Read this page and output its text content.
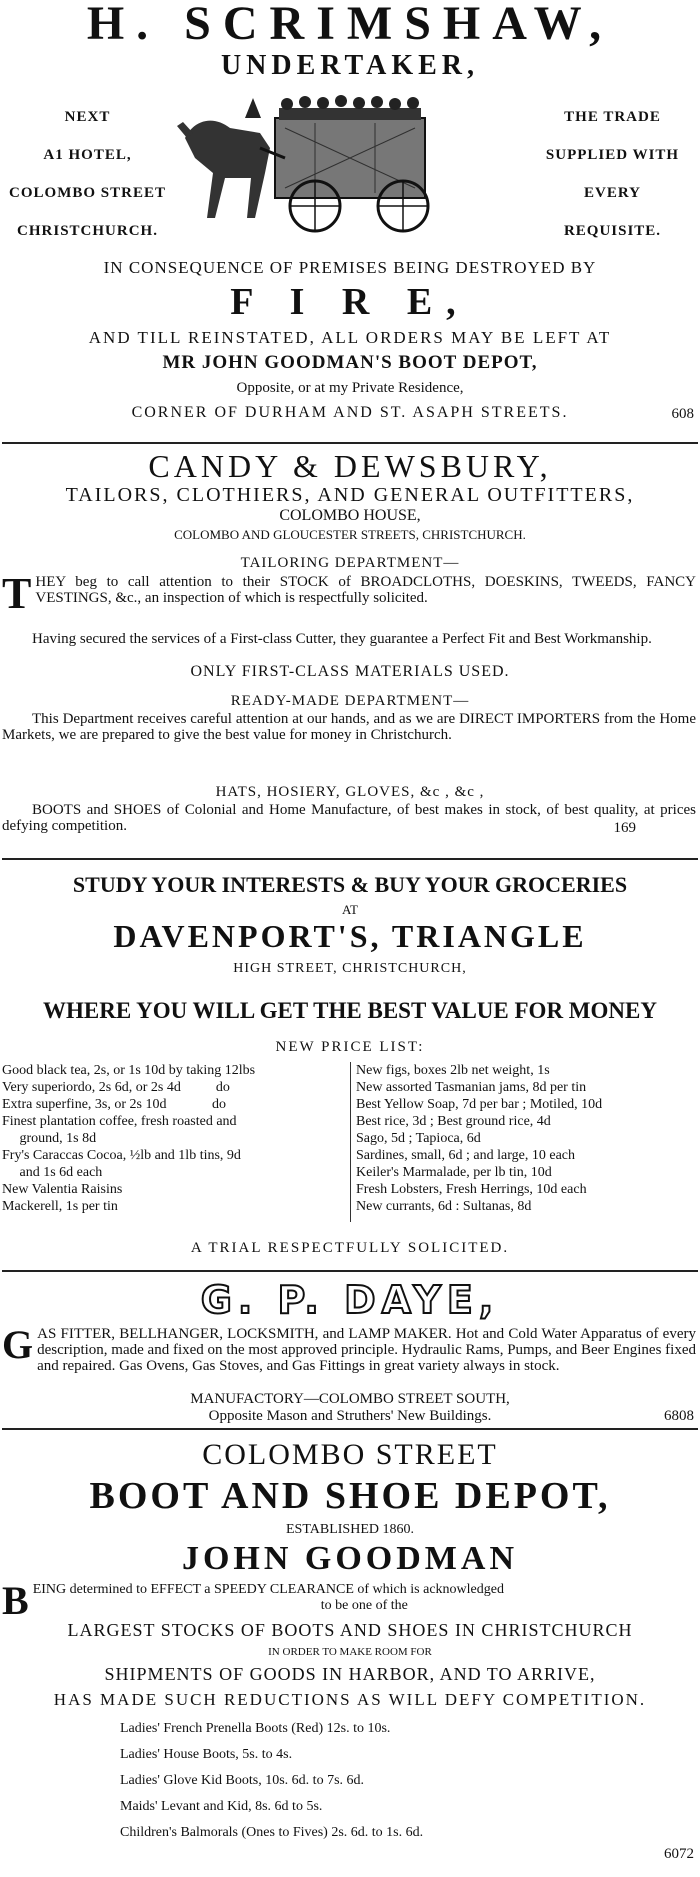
H. SCRIMSHAW,
UNDERTAKER,
NEXT
A1 HOTEL,
COLOMBO STREET
CHRISTCHURCH.
THE TRADE
SUPPLIED WITH
EVERY
REQUISITE.
IN CONSEQUENCE OF PREMISES BEING DESTROYED BY
F I R E,
AND TILL REINSTATED, ALL ORDERS MAY BE LEFT AT
MR JOHN GOODMAN'S BOOT DEPOT,
Opposite, or at my Private Residence,
CORNER OF DURHAM AND ST. ASAPH STREETS.	608
CANDY & DEWSBURY,
TAILORS, CLOTHIERS, AND GENERAL OUTFITTERS,
COLOMBO HOUSE,
COLOMBO AND GLOUCESTER STREETS, CHRISTCHURCH.
TAILORING DEPARTMENT—
T HEY beg to call attention to their STOCK of BROADCLOTHS, DOESKINS, TWEEDS, FANCY VESTINGS, &c., an inspection of which is respectfully solicited.

Having secured the services of a First-class Cutter, they guarantee a Perfect Fit and Best Workmanship.

ONLY FIRST-CLASS MATERIALS USED.
READY-MADE DEPARTMENT—

This Department receives careful attention at our hands, and as we are DIRECT IMPORTERS from the Home Markets, we are prepared to give the best value for money in Christchurch.

HATS, HOSIERY, GLOVES, &c , &c ,

BOOTS and SHOES of Colonial and Home Manufacture, of best makes in stock, of best quality, at prices defying competition.	169
STUDY YOUR INTERESTS & BUY YOUR GROCERIES
AT
DAVENPORT'S, TRIANGLE
HIGH STREET, CHRISTCHURCH,
WHERE YOU WILL GET THE BEST VALUE FOR MONEY
NEW PRICE LIST:
Good black tea, 2s, or 1s 10d by taking 12lbs
Very superiordo, 2s 6d, or 2s 4d          do
Extra superfine, 3s, or 2s 10d             do
Finest plantation coffee, fresh roasted and
ground, 1s 8d
Fry's Caraccas Cocoa, ½lb and 1lb tins, 9d
and 1s 6d each
New Valentia Raisins
Mackerell, 1s per tin
New figs, boxes 2lb net weight, 1s
New assorted Tasmanian jams, 8d per tin
Best Yellow Soap, 7d per bar ; Motiled, 10d
Best rice, 3d ; Best ground rice, 4d
Sago, 5d ; Tapioca, 6d
Sardines, small, 6d ; and large, 10 each
Keiler's Marmalade, per lb tin, 10d
Fresh Lobsters, Fresh Herrings, 10d each
New currants, 6d : Sultanas, 8d
A TRIAL RESPECTFULLY SOLICITED.
G. P. DAYE,
G AS FITTER, BELLHANGER, LOCKSMITH, and LAMP MAKER. Hot and Cold Water Apparatus of every description, made and fixed on the most approved principle. Hydraulic Rams, Pumps, and Beer Engines fixed and repaired. Gas Ovens, Gas Stoves, and Gas Fittings in great variety always in stock.

MANUFACTORY—COLOMBO STREET SOUTH,
Opposite Mason and Struthers' New Buildings.	6808
COLOMBO STREET
BOOT AND SHOE DEPOT,
ESTABLISHED 1860.
JOHN GOODMAN
B EING determined to EFFECT a SPEEDY CLEARANCE of which is acknowledged
to be one of the
LARGEST STOCKS OF BOOTS AND SHOES IN CHRISTCHURCH
IN ORDER TO MAKE ROOM FOR
SHIPMENTS OF GOODS IN HARBOR, AND TO ARRIVE,
HAS MADE SUCH REDUCTIONS AS WILL DEFY COMPETITION.
Ladies' French Prenella Boots (Red) 12s. to 10s.
Ladies' House Boots, 5s. to 4s.
Ladies' Glove Kid Boots, 10s. 6d. to 7s. 6d.
Maids' Levant and Kid, 8s. 6d to 5s.
Children's Balmorals (Ones to Fives) 2s. 6d. to 1s. 6d.
6072
